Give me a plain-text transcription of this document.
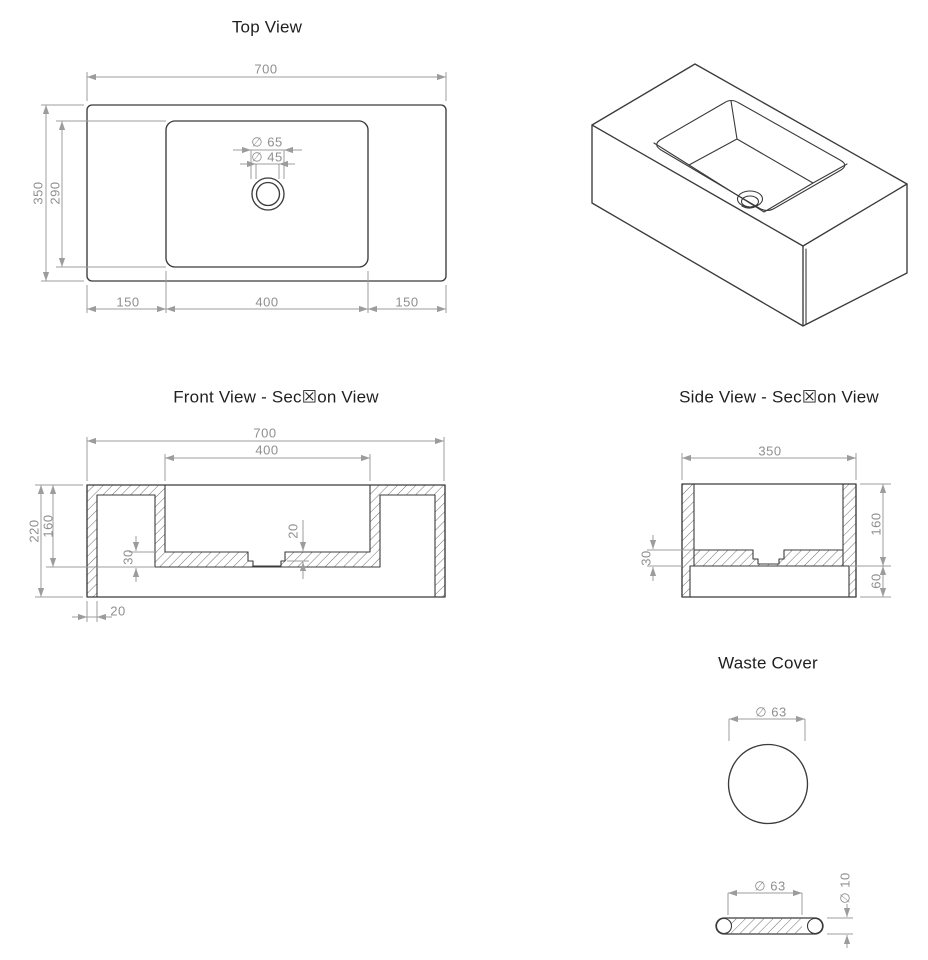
Top View
Front View - Sec☒on View	Side View - Sec☒on View
Waste Cover
700
350 290
∅ 65
∅ 45
150	400	150
700
400
220 160
30
20
20
350
160
60
30
∅ 63
∅ 63	∅ 10
